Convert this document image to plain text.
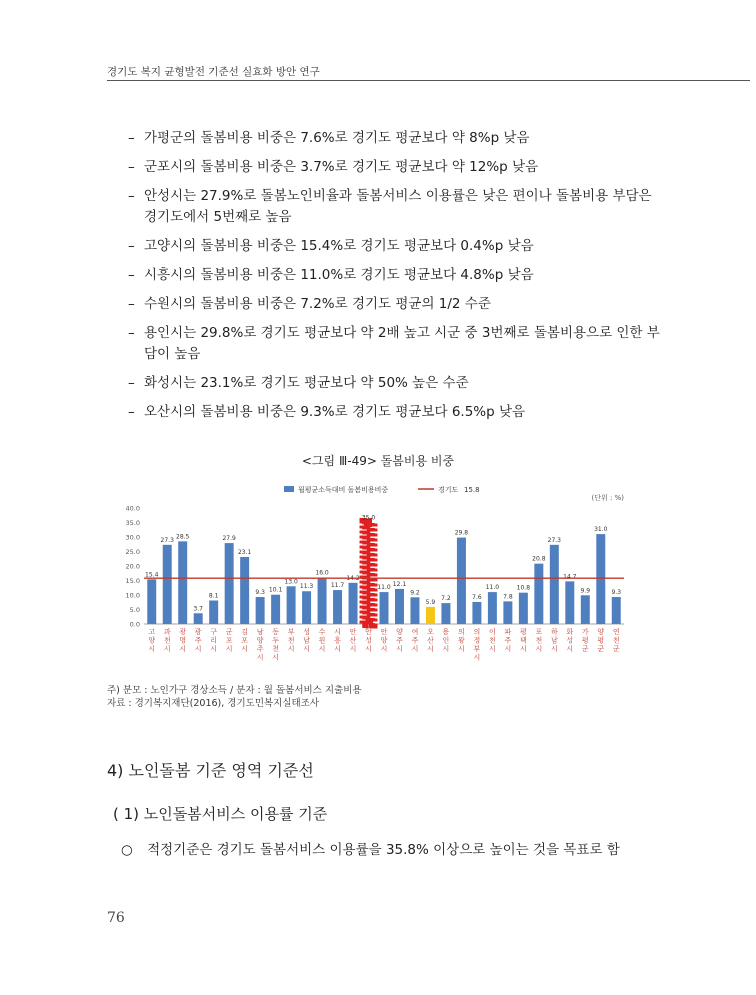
경기도 복지 균형발전 기준선 실효화 방안 연구
– 가평군의 돌봄비용 비중은 7.6%로 경기도 평균보다 약 8%p 낮음
– 군포시의 돌봄비용 비중은 3.7%로 경기도 평균보다 약 12%p 낮음
– 안성시는 27.9%로 돌봄노인비율과 돌봄서비스 이용률은 낮은 편이나 돌봄비용 부담은 경기도에서 5번째로 높음
– 고양시의 돌봄비용 비중은 15.4%로 경기도 평균보다 0.4%p 낮음
– 시흥시의 돌봄비용 비중은 11.0%로 경기도 평균보다 4.8%p 낮음
– 수원시의 돌봄비용 비중은 7.2%로 경기도 평균의 1/2 수준
– 용인시는 29.8%로 경기도 평균보다 약 2배 높고 시군 중 3번째로 돌봄비용으로 인한 부담이 높음
– 화성시는 23.1%로 경기도 평균보다 약 50% 높은 수준
– 오산시의 돌봄비용 비중은 9.3%로 경기도 평균보다 6.5%p 낮음
<그림 Ⅲ-49> 돌봄비용 비중
월평균소득대비 돌봄비용비중	경기도 15.8
(단위 : %)
0.0
5.0
10.0
15.0
20.0
25.0
30.0
35.0
40.0
15.4
고 양 시
27.3
과 천 시
28.5
광 명 시
3.7
광 주 시
8.1
구 리 시
27.9
군 포 시
23.1
김 포 시
9.3
남 양 주 시
10.1
동 두 천 시
13.0
부 천 시
11.3
성 남 시
16.0
수 원 시
11.7
시 흥 시
14.2
안 산 시
35.0
안 성 시
11.0
안 양 시
12.1
양 주 시
9.2
여 주 시
5.9
오 산 시
7.2
용 인 시
29.8
의 왕 시
7.6
의 정 부 시
11.0
이 천 시
7.8
파 주 시
10.8
평 택 시
20.8
포 천 시
27.3
하 남 시
14.7
화 성 시
9.9
가 평 군
31.0
양 평 군
9.3
연 천 군
주) 분모 : 노인가구 경상소득 / 분자 : 월 돌봄서비스 지출비용
자료 : 경기복지재단(2016), 경기도민복지실태조사
4) 노인돌봄 기준 영역 기준선
( 1) 노인돌봄서비스 이용률 기준
○ 적정기준은 경기도 돌봄서비스 이용률을 35.8% 이상으로 높이는 것을 목표로 함
76
